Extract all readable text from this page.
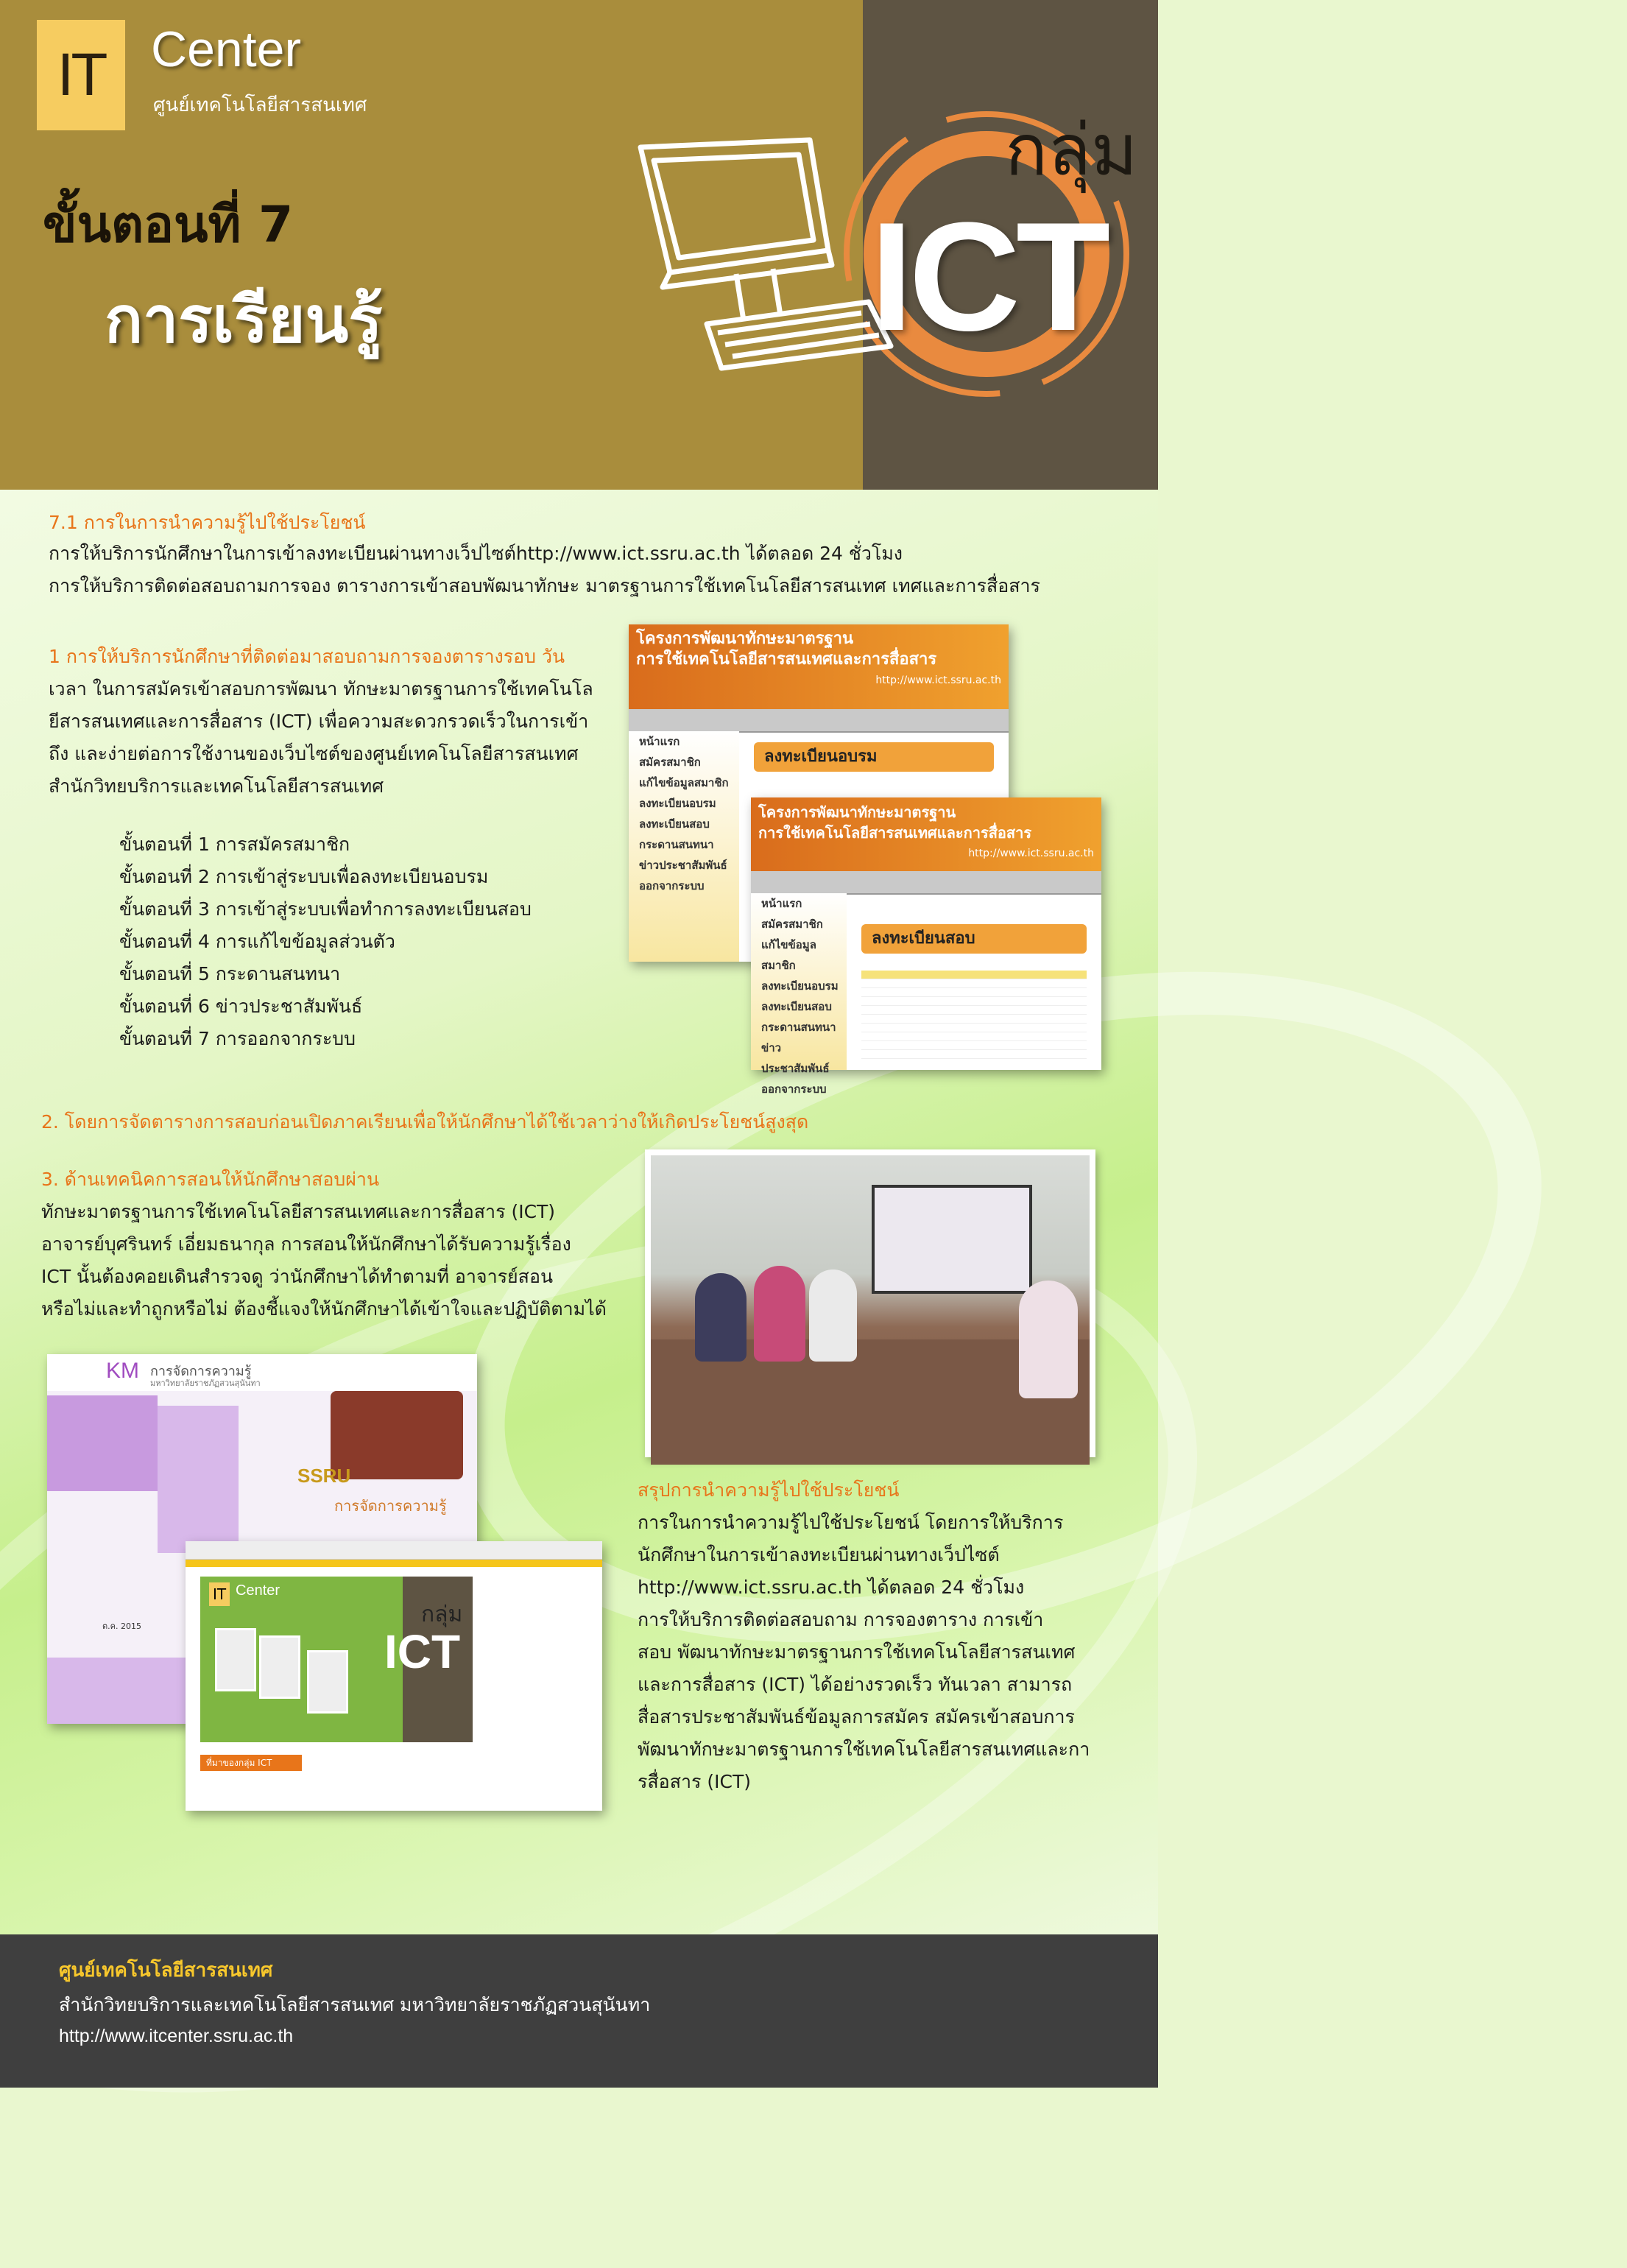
IT Center
ศูนย์เทคโนโลยีสารสนเทศ
ขั้นตอนที่ 7
การเรียนรู้
กลุ่ม
ICT
7.1 การในการนำความรู้ไปใช้ประโยชน์
การให้บริการนักศึกษาในการเข้าลงทะเบียนผ่านทางเว็ปไซต์http://www.ict.ssru.ac.th ได้ตลอด 24 ชั่วโมง
การให้บริการติดต่อสอบถามการจอง ตารางการเข้าสอบพัฒนาทักษะ มาตรฐานการใช้เทคโนโลยีสารสนเทศ เทศและการสื่อสาร
1 การให้บริการนักศึกษาที่ติดต่อมาสอบถามการจองตารางรอบ วัน
เวลา ในการสมัครเข้าสอบการพัฒนา ทักษะมาตรฐานการใช้เทคโนโล
ยีสารสนเทศและการสื่อสาร (ICT) เพื่อความสะดวกรวดเร็วในการเข้า
ถึง และง่ายต่อการใช้งานของเว็บไซต์ของศูนย์เทคโนโลยีสารสนเทศ
สำนักวิทยบริการและเทคโนโลยีสารสนเทศ
ขั้นตอนที่ 1 การสมัครสมาชิก
ขั้นตอนที่ 2 การเข้าสู่ระบบเพื่อลงทะเบียนอบรม
ขั้นตอนที่ 3 การเข้าสู่ระบบเพื่อทำการลงทะเบียนสอบ
ขั้นตอนที่ 4 การแก้ไขข้อมูลส่วนตัว
ขั้นตอนที่ 5 กระดานสนทนา
ขั้นตอนที่ 6 ข่าวประชาสัมพันธ์
ขั้นตอนที่ 7 การออกจากระบบ
โครงการพัฒนาทักษะมาตรฐาน
การใช้เทคโนโลยีสารสนเทศและการสื่อสาร
http://www.ict.ssru.ac.th
หน้าแรก
สมัครสมาชิก
แก้ไขข้อมูลสมาชิก
ลงทะเบียนอบรม
ลงทะเบียนสอบ
กระดานสนทนา
ข่าวประชาสัมพันธ์
ออกจากระบบ
ลงทะเบียนอบรม
โครงการพัฒนาทักษะมาตรฐาน
การใช้เทคโนโลยีสารสนเทศและการสื่อสาร
http://www.ict.ssru.ac.th
หน้าแรก
สมัครสมาชิก
แก้ไขข้อมูลสมาชิก
ลงทะเบียนอบรม
ลงทะเบียนสอบ
กระดานสนทนา
ข่าวประชาสัมพันธ์
ออกจากระบบ
ลงทะเบียนสอบ
2. โดยการจัดตารางการสอบก่อนเปิดภาคเรียนเพื่อให้นักศึกษาได้ใช้เวลาว่างให้เกิดประโยชน์สูงสุด
3. ด้านเทคนิคการสอนให้นักศึกษาสอบผ่าน
ทักษะมาตรฐานการใช้เทคโนโลยีสารสนเทศและการสื่อสาร (ICT)
อาจารย์บุศรินทร์ เอี่ยมธนากุล การสอนให้นักศึกษาได้รับความรู้เรื่อง
ICT นั้นต้องคอยเดินสำรวจดู ว่านักศึกษาได้ทำตามที่ อาจารย์สอน
หรือไม่และทำถูกหรือไม่ ต้องชี้แจงให้นักศึกษาได้เข้าใจและปฏิบัติตามได้
KM การจัดการความรู้
มหาวิทยาลัยราชภัฏสวนสุนันทา
SSRU
การจัดการความรู้
ต.ค. 2015
IT Center
กลุ่ม
ICT
ที่มาของกลุ่ม ICT
สรุปการนำความรู้ไปใช้ประโยชน์
การในการนำความรู้ไปใช้ประโยชน์ โดยการให้บริการ
นักศึกษาในการเข้าลงทะเบียนผ่านทางเว็ปไซต์
http://www.ict.ssru.ac.th ได้ตลอด 24 ชั่วโมง
การให้บริการติดต่อสอบถาม การจองตาราง การเข้า
สอบ พัฒนาทักษะมาตรฐานการใช้เทคโนโลยีสารสนเทศ
และการสื่อสาร (ICT) ได้อย่างรวดเร็ว ทันเวลา สามารถ
สื่อสารประชาสัมพันธ์ข้อมูลการสมัคร สมัครเข้าสอบการ
พัฒนาทักษะมาตรฐานการใช้เทคโนโลยีสารสนเทศและกา
รสื่อสาร (ICT)
ศูนย์เทคโนโลยีสารสนเทศ
สำนักวิทยบริการและเทคโนโลยีสารสนเทศ มหาวิทยาลัยราชภัฏสวนสุนันทา
http://www.itcenter.ssru.ac.th
